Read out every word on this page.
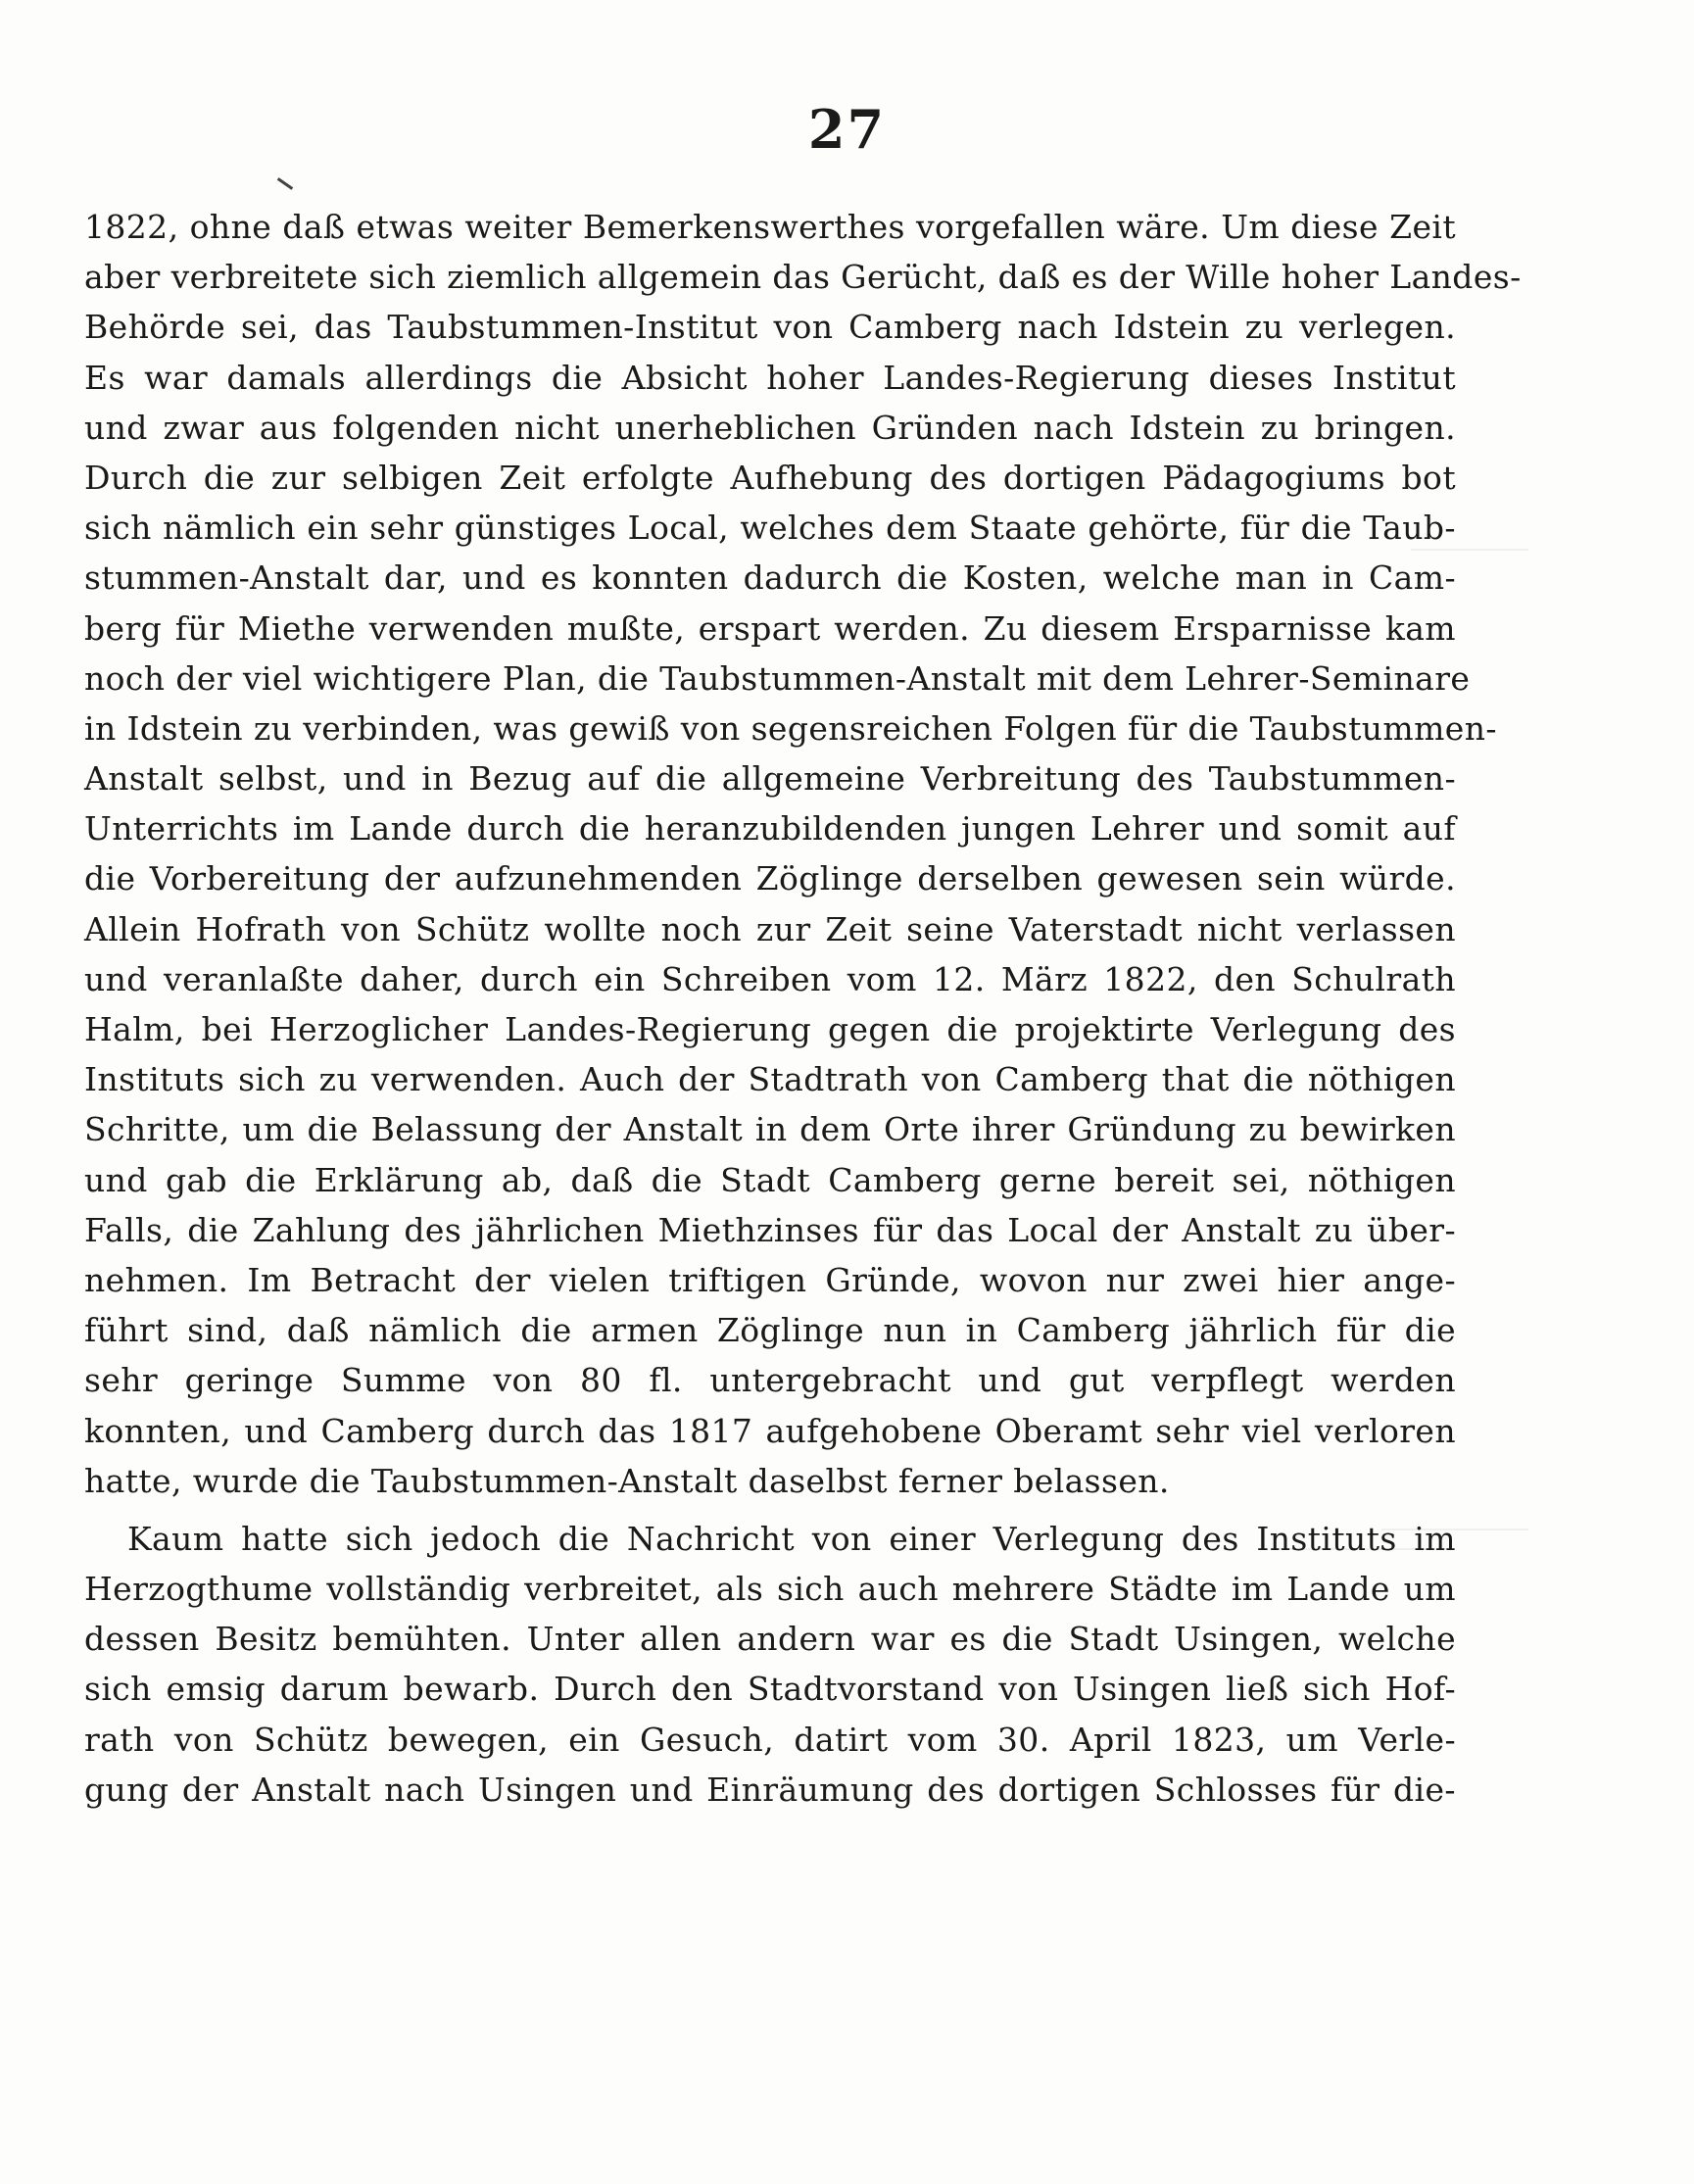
27
1822, ohne daß etwas weiter Bemerkenswerthes vorgefallen wäre. Um diese Zeit
aber verbreitete sich ziemlich allgemein das Gerücht, daß es der Wille hoher Landes-
Behörde sei, das Taubstummen-Institut von Camberg nach Idstein zu verlegen.
Es war damals allerdings die Absicht hoher Landes-Regierung dieses Institut
und zwar aus folgenden nicht unerheblichen Gründen nach Idstein zu bringen.
Durch die zur selbigen Zeit erfolgte Aufhebung des dortigen Pädagogiums bot
sich nämlich ein sehr günstiges Local, welches dem Staate gehörte, für die Taub-
stummen-Anstalt dar, und es konnten dadurch die Kosten, welche man in Cam-
berg für Miethe verwenden mußte, erspart werden. Zu diesem Ersparnisse kam
noch der viel wichtigere Plan, die Taubstummen-Anstalt mit dem Lehrer-Seminare
in Idstein zu verbinden, was gewiß von segensreichen Folgen für die Taubstummen-
Anstalt selbst, und in Bezug auf die allgemeine Verbreitung des Taubstummen-
Unterrichts im Lande durch die heranzubildenden jungen Lehrer und somit auf
die Vorbereitung der aufzunehmenden Zöglinge derselben gewesen sein würde.
Allein Hofrath von Schütz wollte noch zur Zeit seine Vaterstadt nicht verlassen
und veranlaßte daher, durch ein Schreiben vom 12. März 1822, den Schulrath
Halm, bei Herzoglicher Landes-Regierung gegen die projektirte Verlegung des
Instituts sich zu verwenden. Auch der Stadtrath von Camberg that die nöthigen
Schritte, um die Belassung der Anstalt in dem Orte ihrer Gründung zu bewirken
und gab die Erklärung ab, daß die Stadt Camberg gerne bereit sei, nöthigen
Falls, die Zahlung des jährlichen Miethzinses für das Local der Anstalt zu über-
nehmen. Im Betracht der vielen triftigen Gründe, wovon nur zwei hier ange-
führt sind, daß nämlich die armen Zöglinge nun in Camberg jährlich für die
sehr geringe Summe von 80 fl. untergebracht und gut verpflegt werden
konnten, und Camberg durch das 1817 aufgehobene Oberamt sehr viel verloren
hatte, wurde die Taubstummen-Anstalt daselbst ferner belassen.
Kaum hatte sich jedoch die Nachricht von einer Verlegung des Instituts im
Herzogthume vollständig verbreitet, als sich auch mehrere Städte im Lande um
dessen Besitz bemühten. Unter allen andern war es die Stadt Usingen, welche
sich emsig darum bewarb. Durch den Stadtvorstand von Usingen ließ sich Hof-
rath von Schütz bewegen, ein Gesuch, datirt vom 30. April 1823, um Verle-
gung der Anstalt nach Usingen und Einräumung des dortigen Schlosses für die-
